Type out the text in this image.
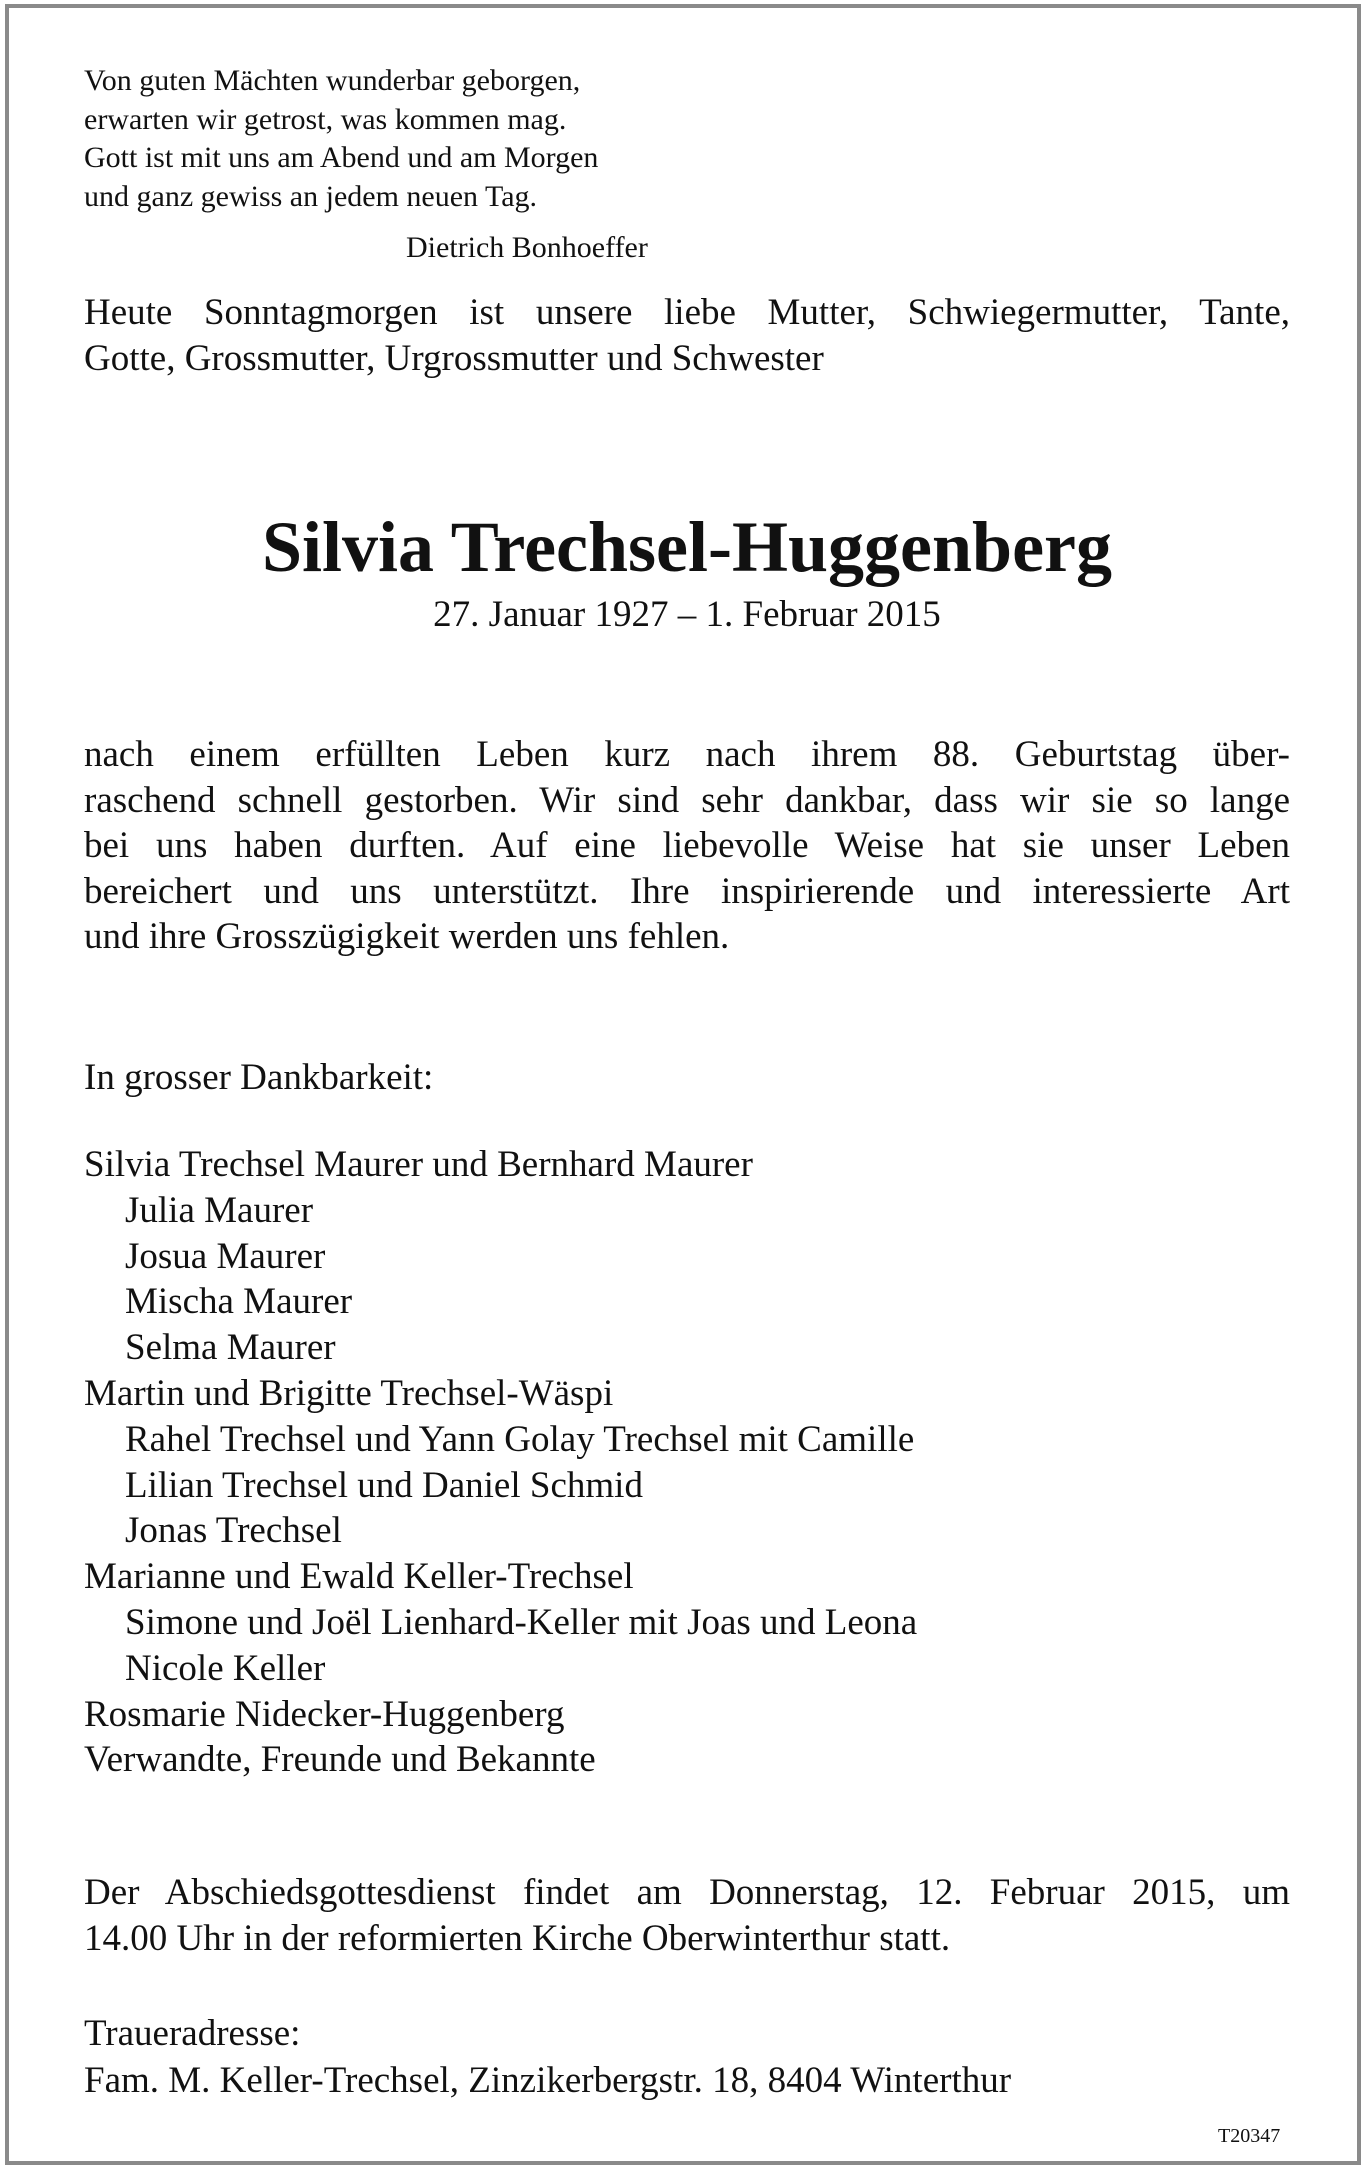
Von guten Mächten wunderbar geborgen,
erwarten wir getrost, was kommen mag.
Gott ist mit uns am Abend und am Morgen
und ganz gewiss an jedem neuen Tag.
Dietrich Bonhoeffer
Heute Sonntagmorgen ist unsere liebe Mutter, Schwiegermutter, Tante,
Gotte, Grossmutter, Urgrossmutter und Schwester
Silvia Trechsel-Huggenberg
27. Januar 1927 – 1. Februar 2015
nach einem erfüllten Leben kurz nach ihrem 88. Geburtstag über-
raschend schnell gestorben. Wir sind sehr dankbar, dass wir sie so lange
bei uns haben durften. Auf eine liebevolle Weise hat sie unser Leben
bereichert und uns unterstützt. Ihre inspirierende und interessierte Art
und ihre Grosszügigkeit werden uns fehlen.
In grosser Dankbarkeit:
Silvia Trechsel Maurer und Bernhard Maurer
Julia Maurer
Josua Maurer
Mischa Maurer
Selma Maurer
Martin und Brigitte Trechsel-Wäspi
Rahel Trechsel und Yann Golay Trechsel mit Camille
Lilian Trechsel und Daniel Schmid
Jonas Trechsel
Marianne und Ewald Keller-Trechsel
Simone und Joël Lienhard-Keller mit Joas und Leona
Nicole Keller
Rosmarie Nidecker-Huggenberg
Verwandte, Freunde und Bekannte
Der Abschiedsgottesdienst findet am Donnerstag, 12. Februar 2015, um
14.00 Uhr in der reformierten Kirche Oberwinterthur statt.
Traueradresse:
Fam. M. Keller-Trechsel, Zinzikerbergstr. 18, 8404 Winterthur
T20347
